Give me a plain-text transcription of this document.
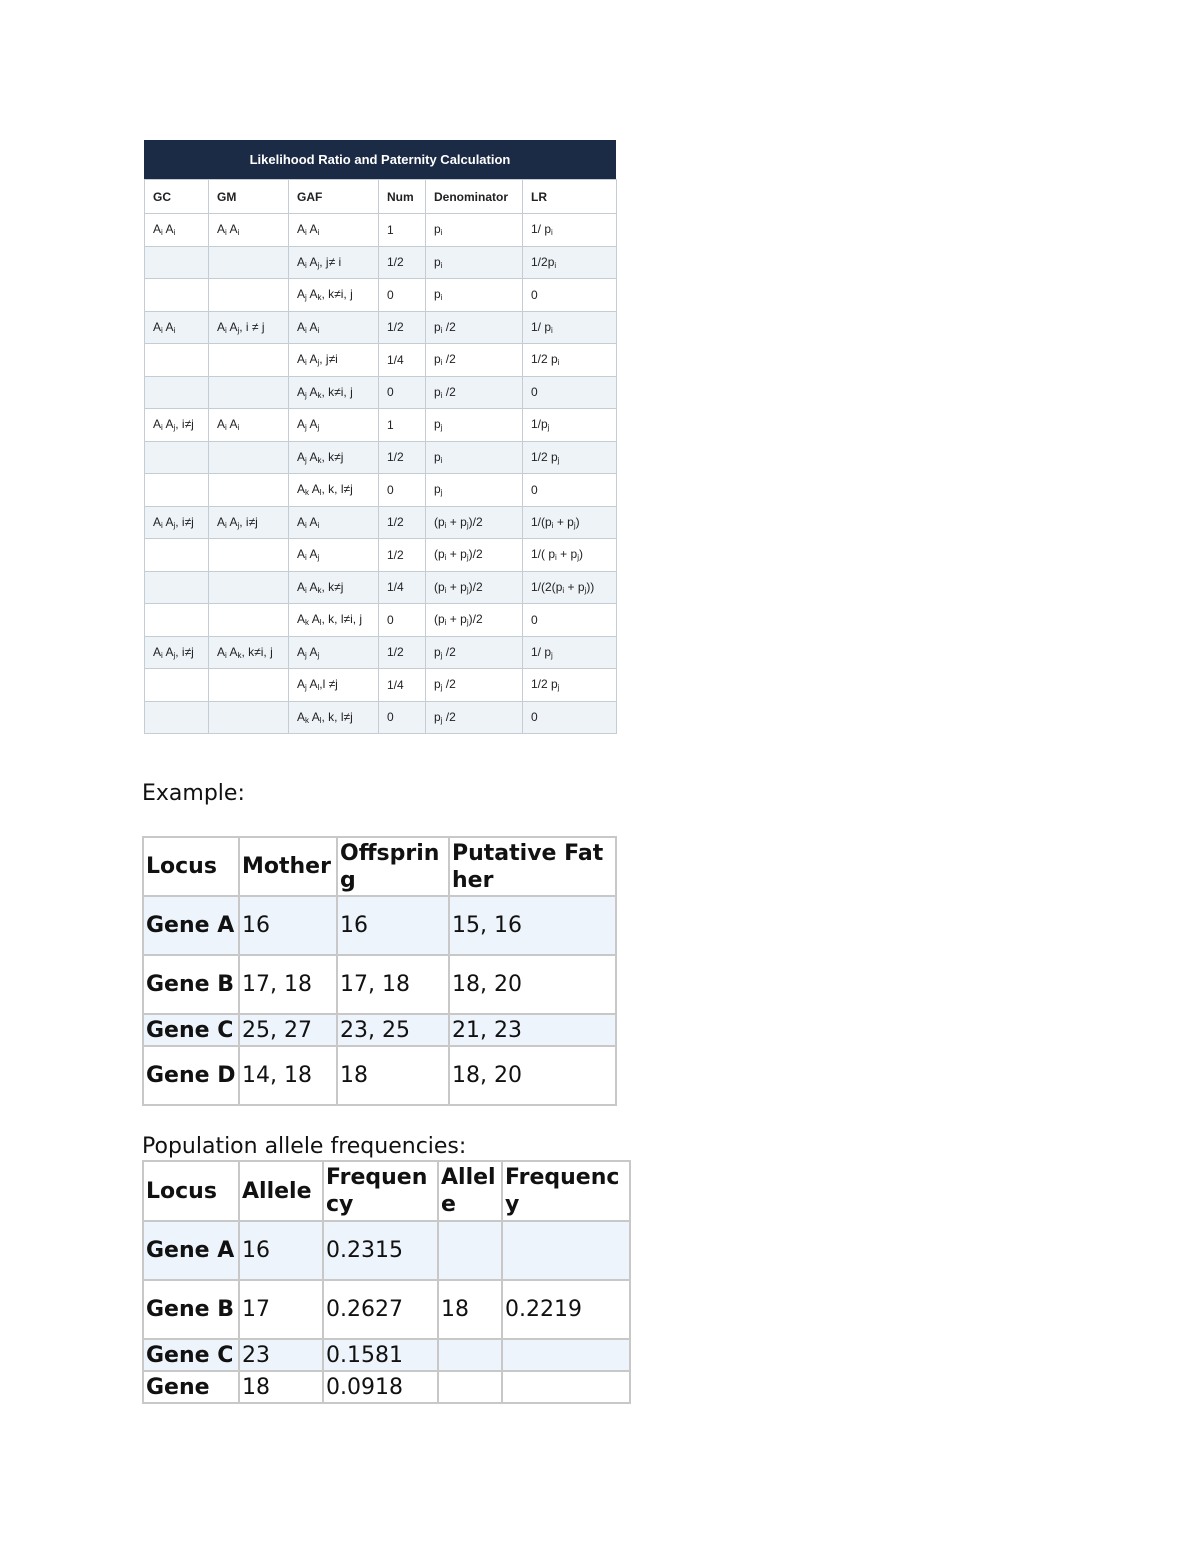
Likelihood Ratio and Paternity Calculation
GC	GM	GAF	Num	Denominator	LR
$A_i$ $A_i$	$A_i$ $A_i$	$A_i$ $A_i$	1	$p_i$	1/ $p_i$
		$A_i$ $A_j$, j≠ i	1/2	$p_i$	$1/2p_i$
		$A_j$ $A_k$, k≠i, j	0	$p_i$	0
$A_i$ $A_i$	$A_i$ $A_j$, i ≠ j	$A_i$ $A_i$	1/2	$p_i$ /2	1/ $p_i$
		$A_i$ $A_j$, j≠i	1/4	$p_i$ /2	1/2 $p_i$
		$A_j$ $A_k$, k≠i, j	0	$p_i$ /2	0
$A_i$ $A_j$, i≠j	$A_i$ $A_i$	$A_j$ $A_j$	1	$p_j$	$1/p_j$
		$A_j$ $A_k$, k≠j	1/2	$p_i$	1/2 $p_j$
		$A_k$ $A_l$, k, l≠j	0	$p_j$	0
$A_i$ $A_j$, i≠j	$A_i$ $A_j$, i≠j	$A_i$ $A_i$	1/2	$(p_i + p_j)/2$	$1/(p_i + p_j)$
		$A_i$ $A_j$	1/2	$(p_i + p_j)/2$	1/( $p_i + p_j$)
		$A_i$ $A_k$, k≠j	1/4	$(p_i + p_j)/2$	$1/(2(p_i + p_j))$
		$A_k$ $A_l$, k, l≠i, j	0	$(p_i + p_j)/2$	0
$A_i$ $A_j$, i≠j	$A_i$ $A_k$, k≠i, j	$A_j$ $A_j$	1/2	$p_j$ /2	1/ $p_j$
		$A_j$ $A_l,l \ne j$	1/4	$p_j$ /2	1/2 $p_j$
		$A_k$ $A_l$, k, l≠j	0	$p_j$ /2	0

Example:

Locus	Mother	Offspring	Putative Father
Gene A	16	16	15, 16
Gene B	17, 18	17, 18	18, 20
Gene C	25, 27	23, 25	21, 23
Gene D	14, 18	18	18, 20

Population allele frequencies:

Locus	Allele	Frequency	Allele	Frequency
Gene A	16	0.2315		
Gene B	17	0.2627	18	0.2219
Gene C	23	0.1581		
Gene	18	0.0918		
